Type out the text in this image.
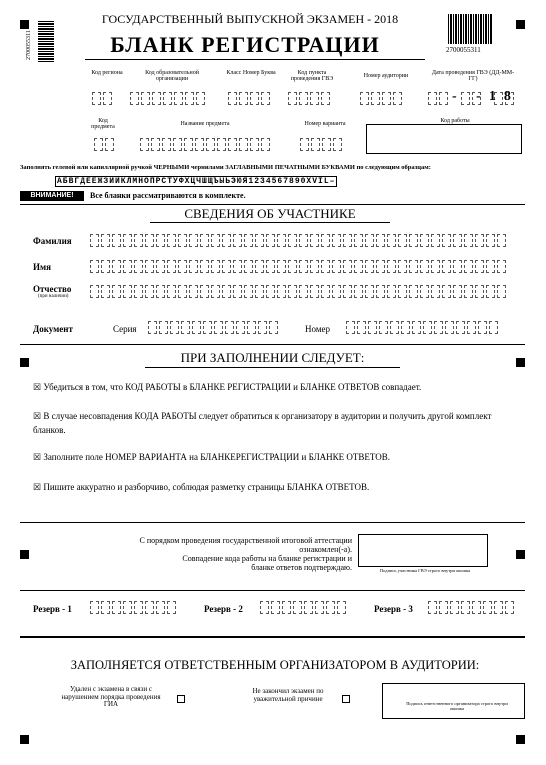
ГОСУДАРСТВЕННЫЙ ВЫПУСКНОЙ ЭКЗАМЕН - 2018
БЛАНК РЕГИСТРАЦИИ
2700055311	2700055311
Код региона	Код образовательной организации
Класс Номер Буква	Код пункта проведения ГВЭ	Номер аудитории	Дата проведения ГВЭ (ДД-ММ-ГГ)
- -18
Код предмета	Название предмета	Номер варианта	Код работы
Заполнять гелевой или капиллярной ручкой ЧЕРНЫМИ чернилами ЗАГЛАВНЫМИ ПЕЧАТНЫМИ БУКВАМИ по следующим образцам:
АБВГДЕЁЖЗИЙКЛМНОПРСТУФХЦЧШЩЪЫЬЭЮЯ1234567890XVIL–
ВНИМАНИЕ!	Все бланки рассматриваются в комплекте.
СВЕДЕНИЯ ОБ УЧАСТНИКЕ
Фамилия
Имя
Отчество
(при наличии)
Документ	Серия	Номер
ПРИ ЗАПОЛНЕНИИ СЛЕДУЕТ:
☒ Убедиться в том, что КОД РАБОТЫ в БЛАНКЕ РЕГИСТРАЦИИ и БЛАНКЕ ОТВЕТОВ совпадает.
☒ В случае несовпадения КОДА РАБОТЫ следует обратиться к организатору в аудитории и получить другой комплект бланков.
☒ Заполните поле НОМЕР ВАРИАНТА на БЛАНКЕРЕГИСТРАЦИИ и БЛАНКЕ ОТВЕТОВ.
☒ Пишите аккуратно и разборчиво, соблюдая разметку страницы БЛАНКА ОТВЕТОВ.
С порядком проведения государственной итоговой аттестации
ознакомлен(-а).
Совпадение кода работы на бланке регистрации и
бланке ответов подтверждаю.	Подпись участника ГВЭ строго внутри окошка
Резерв - 1	Резерв - 2	Резерв - 3
ЗАПОЛНЯЕТСЯ ОТВЕТСТВЕННЫМ ОРГАНИЗАТОРОМ В АУДИТОРИИ:
Удален с экзамена в связи с нарушением порядка проведения ГИА
Не закончил экзамен по уважительной причине
Подпись ответственного организатора строго внутри окошка
